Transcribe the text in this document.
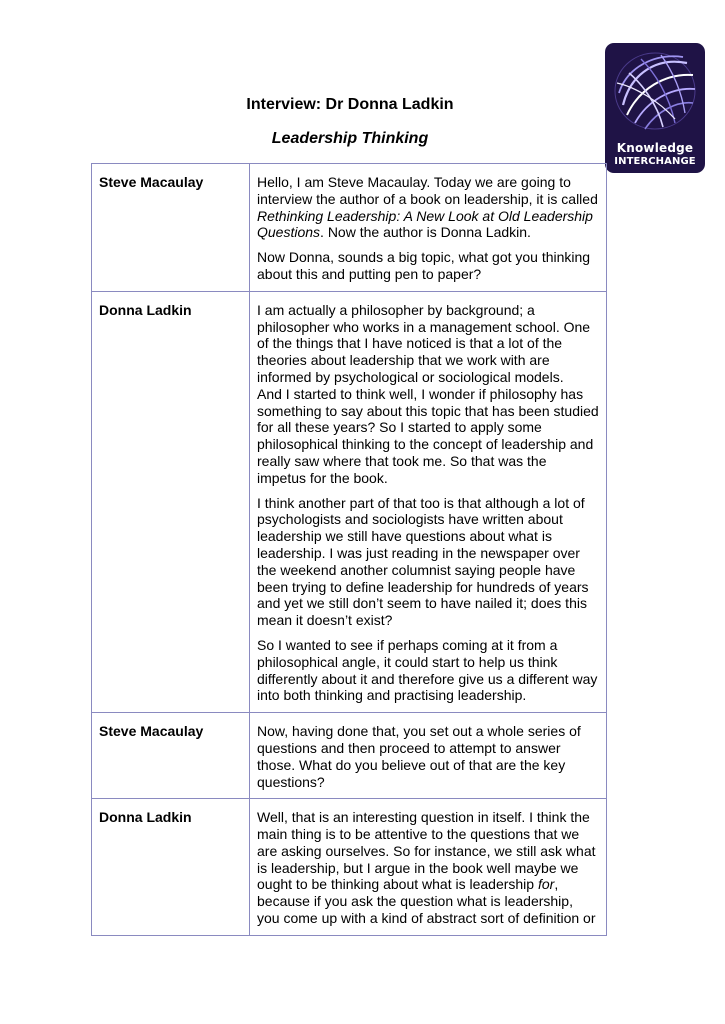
Knowledge
INTERCHANGE
Interview: Dr Donna Ladkin
Leadership Thinking
Steve Macaulay	Hello, I am Steve Macaulay. Today we are going to interview the author of a book on leadership, it is called Rethinking Leadership: A New Look at Old Leadership Questions. Now the author is Donna Ladkin.

Now Donna, sounds a big topic, what got you thinking about this and putting pen to paper?

Donna Ladkin	I am actually a philosopher by background; a philosopher who works in a management school. One of the things that I have noticed is that a lot of the theories about leadership that we work with are informed by psychological or sociological models.
And I started to think well, I wonder if philosophy has something to say about this topic that has been studied for all these years? So I started to apply some philosophical thinking to the concept of leadership and really saw where that took me. So that was the impetus for the book.

I think another part of that too is that although a lot of psychologists and sociologists have written about leadership we still have questions about what is leadership. I was just reading in the newspaper over the weekend another columnist saying people have been trying to define leadership for hundreds of years and yet we still don’t seem to have nailed it; does this mean it doesn’t exist?

So I wanted to see if perhaps coming at it from a philosophical angle, it could start to help us think differently about it and therefore give us a different way into both thinking and practising leadership.

Steve Macaulay	Now, having done that, you set out a whole series of questions and then proceed to attempt to answer those. What do you believe out of that are the key questions?

Donna Ladkin	Well, that is an interesting question in itself. I think the main thing is to be attentive to the questions that we are asking ourselves. So for instance, we still ask what is leadership, but I argue in the book well maybe we ought to be thinking about what is leadership for, because if you ask the question what is leadership, you come up with a kind of abstract sort of definition or
